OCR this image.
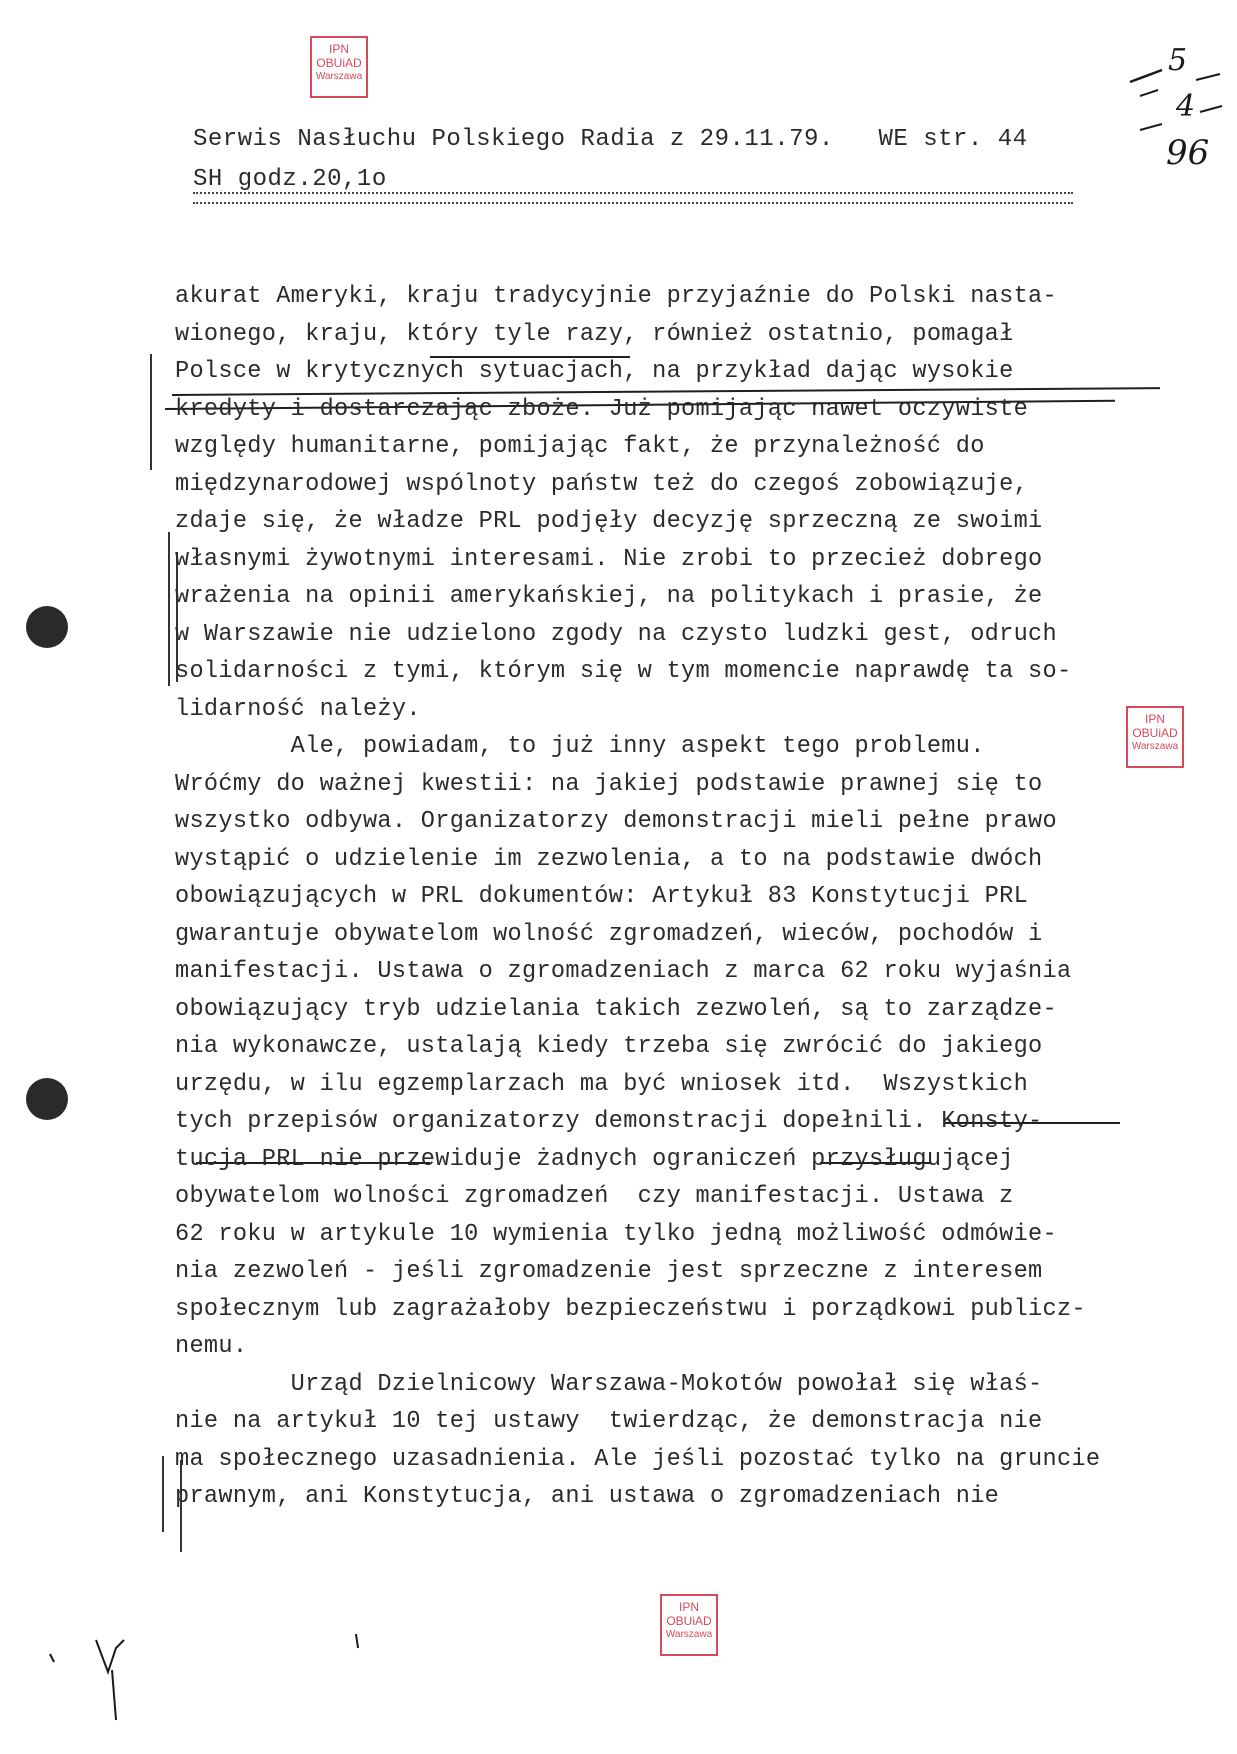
IPN
OBUiAD
Warszawa
IPN
OBUiAD
Warszawa
IPN
OBUiAD
Warszawa
5
4
96
Serwis Nasłuchu Polskiego Radia z 29.11.79.   WE str. 44
SH godz.20,1o
akurat Ameryki, kraju tradycyjnie przyjaźnie do Polski nasta-
wionego, kraju, który tyle razy, również ostatnio, pomagał
Polsce w krytycznych sytuacjach, na przykład dając wysokie
kredyty i dostarczając zboże. Już pomijając nawet oczywiste
względy humanitarne, pomijając fakt, że przynależność do
międzynarodowej wspólnoty państw też do czegoś zobowiązuje,
zdaje się, że władze PRL podjęły decyzję sprzeczną ze swoimi
własnymi żywotnymi interesami. Nie zrobi to przecież dobrego
wrażenia na opinii amerykańskiej, na politykach i prasie, że
w Warszawie nie udzielono zgody na czysto ludzki gest, odruch
solidarności z tymi, którym się w tym momencie naprawdę ta so-
lidarność należy.
Ale, powiadam, to już inny aspekt tego problemu.
Wróćmy do ważnej kwestii: na jakiej podstawie prawnej się to
wszystko odbywa. Organizatorzy demonstracji mieli pełne prawo
wystąpić o udzielenie im zezwolenia, a to na podstawie dwóch
obowiązujących w PRL dokumentów: Artykuł 83 Konstytucji PRL
gwarantuje obywatelom wolność zgromadzeń, wieców, pochodów i
manifestacji. Ustawa o zgromadzeniach z marca 62 roku wyjaśnia
obowiązujący tryb udzielania takich zezwoleń, są to zarządze-
nia wykonawcze, ustalają kiedy trzeba się zwrócić do jakiego
urzędu, w ilu egzemplarzach ma być wniosek itd.  Wszystkich
tych przepisów organizatorzy demonstracji dopełnili. Konsty-
tucja PRL nie przewiduje żadnych ograniczeń przysługującej
obywatelom wolności zgromadzeń  czy manifestacji. Ustawa z
62 roku w artykule 10 wymienia tylko jedną możliwość odmówie-
nia zezwoleń - jeśli zgromadzenie jest sprzeczne z interesem
społecznym lub zagrażałoby bezpieczeństwu i porządkowi publicz-
nemu.
Urząd Dzielnicowy Warszawa-Mokotów powołał się właś-
nie na artykuł 10 tej ustawy  twierdząc, że demonstracja nie
ma społecznego uzasadnienia. Ale jeśli pozostać tylko na gruncie
prawnym, ani Konstytucja, ani ustawa o zgromadzeniach nie
